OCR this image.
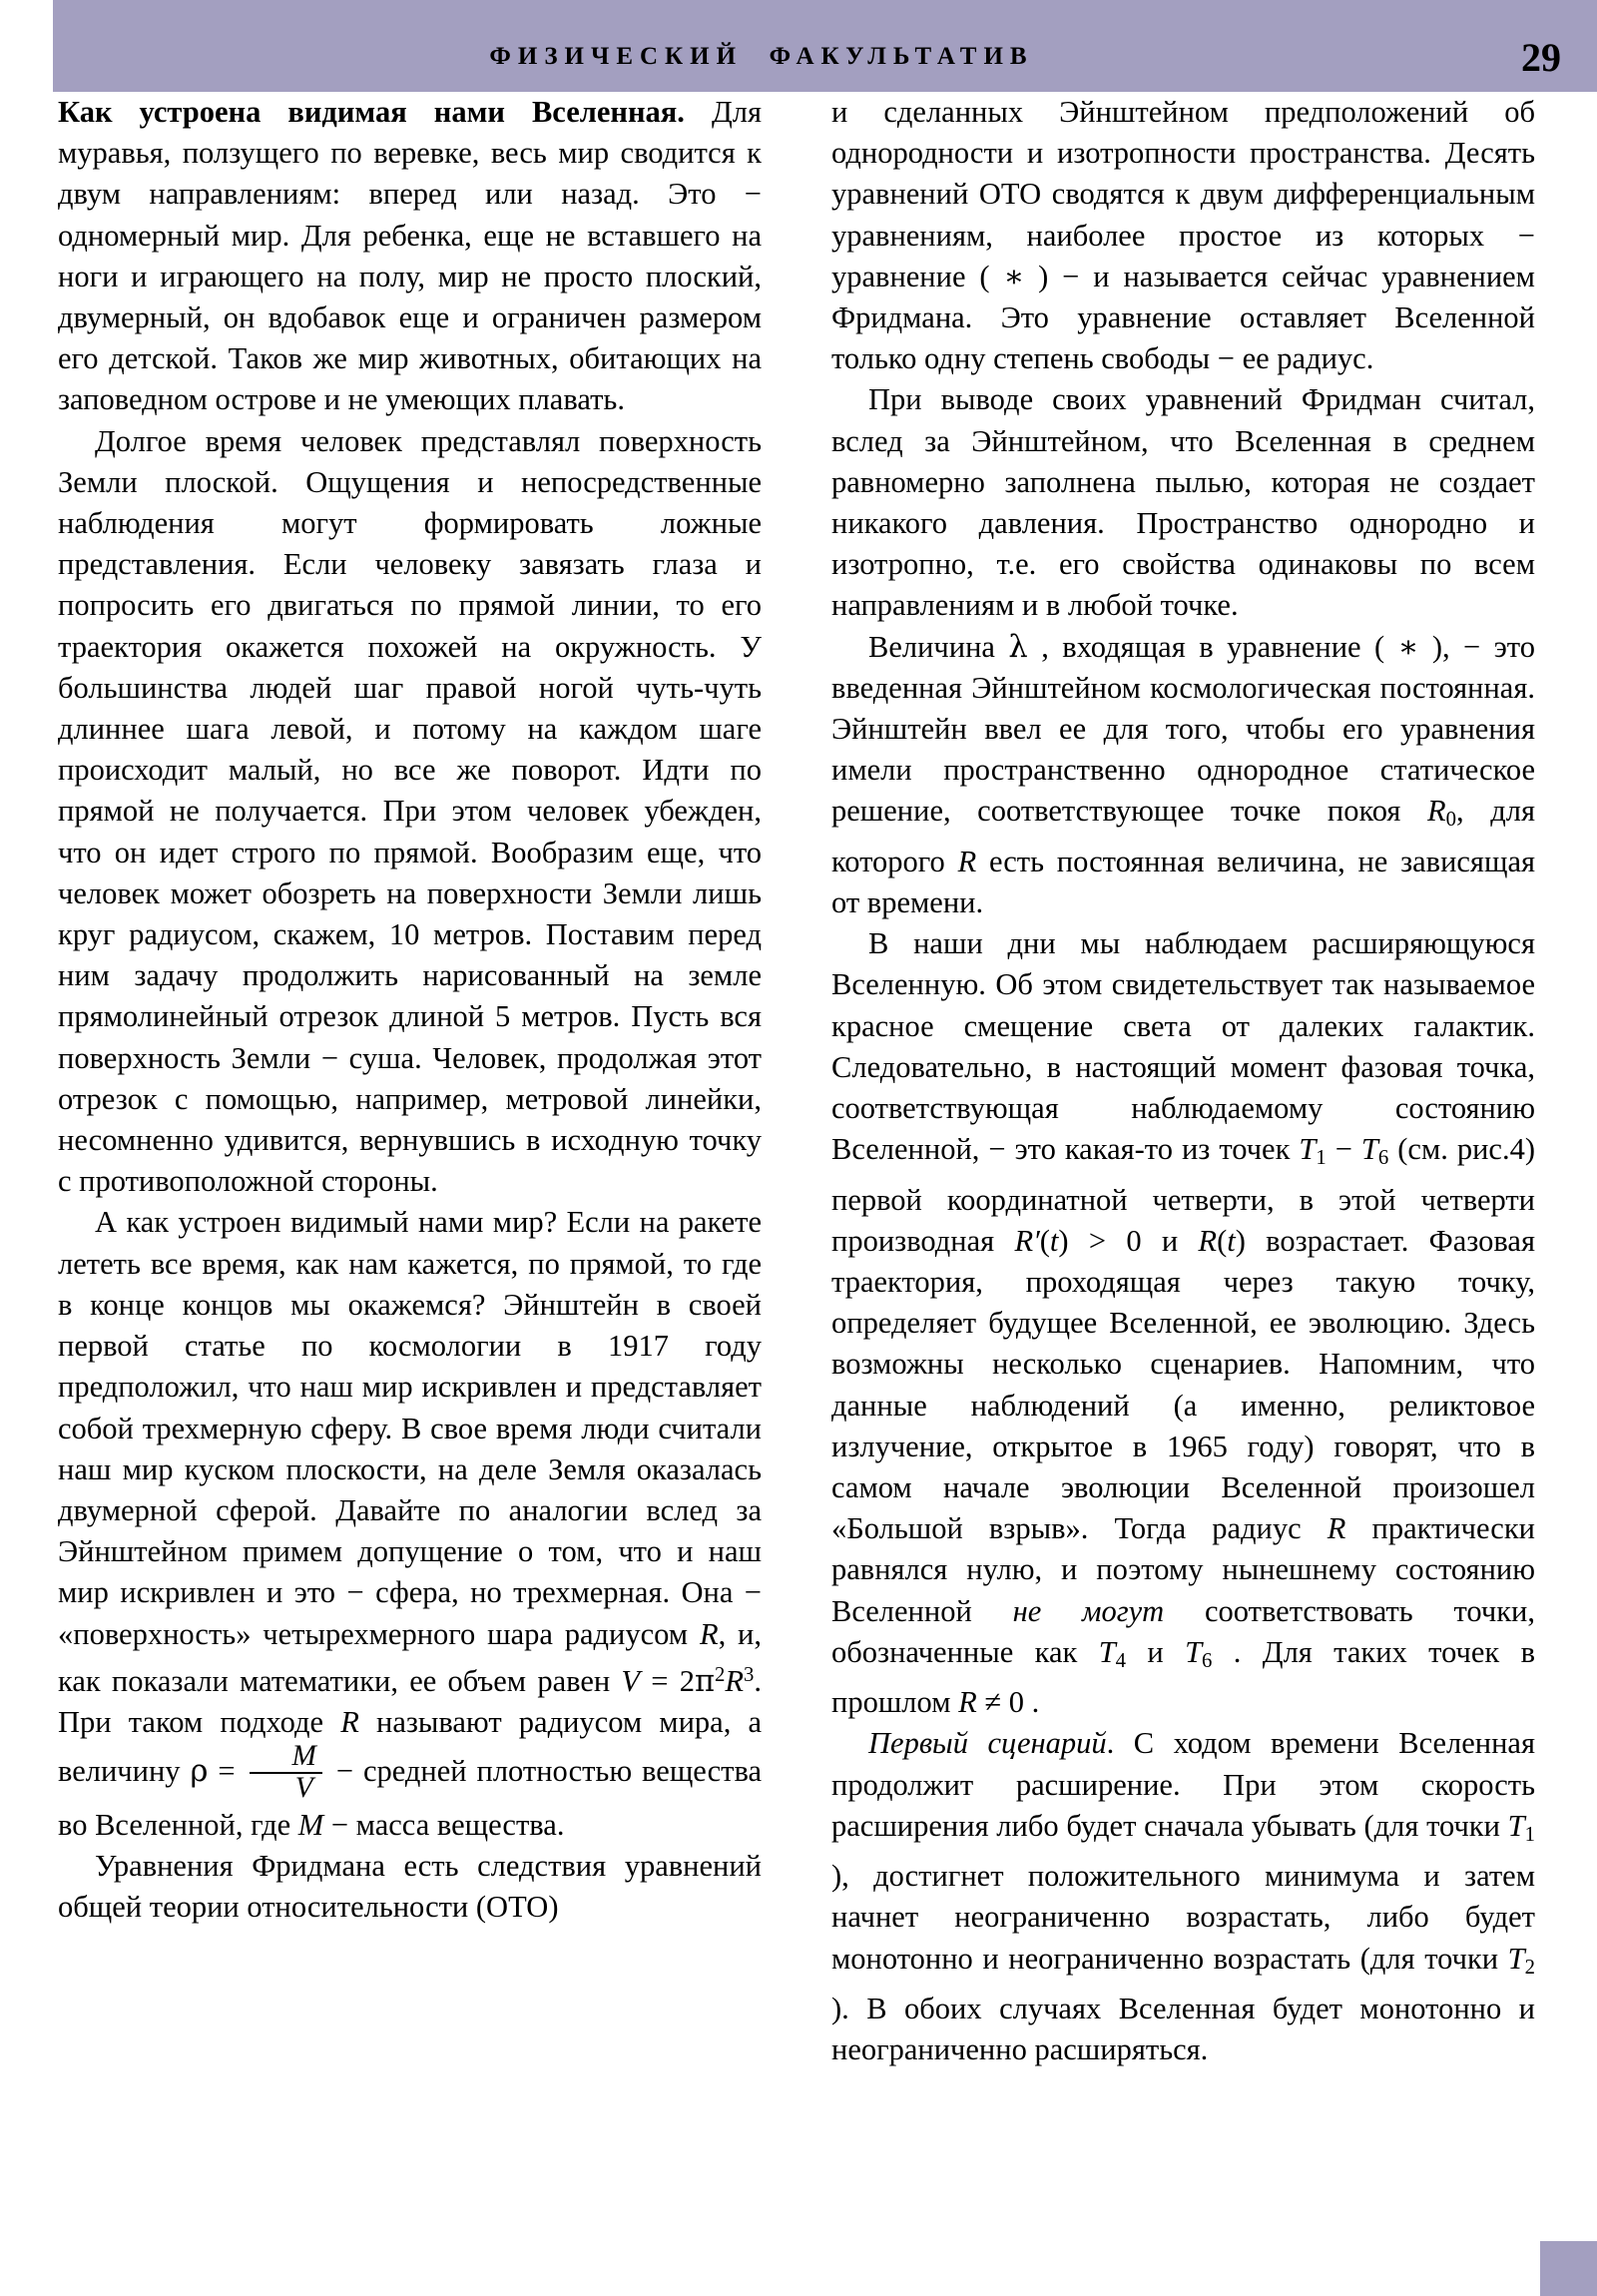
ФИЗИЧЕСКИЙ  ФАКУЛЬТАТИВ	29

Как устроена видимая нами Вселенная. Для муравья, ползущего по веревке, весь мир сводится к двум направлениям: вперед или назад. Это − одномерный мир. Для ребенка, еще не вставшего на ноги и играющего на полу, мир не просто плоский, двумерный, он вдобавок еще и ограничен размером его детской. Таков же мир животных, обитающих на заповедном острове и не умеющих плавать.

Долгое время человек представлял поверхность Земли плоской. Ощущения и непосредственные наблюдения могут формировать ложные представления. Если человеку завязать глаза и попросить его двигаться по прямой линии, то его траектория окажется похожей на окружность. У большинства людей шаг правой ногой чуть-чуть длиннее шага левой, и потому на каждом шаге происходит малый, но все же поворот. Идти по прямой не получается. При этом человек убежден, что он идет строго по прямой. Вообразим еще, что человек может обозреть на поверхности Земли лишь круг радиусом, скажем, 10 метров. Поставим перед ним задачу продолжить нарисованный на земле прямолинейный отрезок длиной 5 метров. Пусть вся поверхность Земли − суша. Человек, продолжая этот отрезок с помощью, например, метровой линейки, несомненно удивится, вернувшись в исходную точку с противоположной стороны.

А как устроен видимый нами мир? Если на ракете лететь все время, как нам кажется, по прямой, то где в конце концов мы окажемся? Эйнштейн в своей первой статье по космологии в 1917 году предположил, что наш мир искривлен и представляет собой трехмерную сферу. В свое время люди считали наш мир куском плоскости, на деле Земля оказалась двумерной сферой. Давайте по аналогии вслед за Эйнштейном примем допущение о том, что и наш мир искривлен и это − сфера, но трехмерная. Она − «поверхность» четырехмерного шара радиусом R, и, как показали математики, ее объем равен $V = 2\pi^2R^3$. При таком подходе R называют радиусом мира, а величину $\rho = \frac{M}{V}$ − средней плотностью вещества во Вселенной, где M − масса вещества.

Уравнения Фридмана есть следствия уравнений общей теории относительности (ОТО)

и сделанных Эйнштейном предположений об однородности и изотропности пространства. Десять уравнений ОТО сводятся к двум дифференциальным уравнениям, наиболее простое из которых − уравнение ( ∗ ) − и называется сейчас уравнением Фридмана. Это уравнение оставляет Вселенной только одну степень свободы − ее радиус.

При выводе своих уравнений Фридман считал, вслед за Эйнштейном, что Вселенная в среднем равномерно заполнена пылью, которая не создает никакого давления. Пространство однородно и изотропно, т.е. его свойства одинаковы по всем направлениям и в любой точке.

Величина λ , входящая в уравнение ( ∗ ), − это введенная Эйнштейном космологическая постоянная. Эйнштейн ввел ее для того, чтобы его уравнения имели пространственно однородное статическое решение, соответствующее точке покоя $R_0$, для которого R есть постоянная величина, не зависящая от времени.

В наши дни мы наблюдаем расширяющуюся Вселенную. Об этом свидетельствует так называемое красное смещение света от далеких галактик. Следовательно, в настоящий момент фазовая точка, соответствующая наблюдаемому состоянию Вселенной, − это какая-то из точек $T_1 - T_6$ (см. рис.4) первой координатной четверти, в этой четверти производная R′(t) > 0 и R(t) возрастает. Фазовая траектория, проходящая через такую точку, определяет будущее Вселенной, ее эволюцию. Здесь возможны несколько сценариев. Напомним, что данные наблюдений (а именно, реликтовое излучение, открытое в 1965 году) говорят, что в самом начале эволюции Вселенной произошел «Большой взрыв». Тогда радиус R практически равнялся нулю, и поэтому нынешнему состоянию Вселенной не могут соответствовать точки, обозначенные как $T_4$ и $T_6$ . Для таких точек в прошлом R ≠ 0 .

Первый сценарий. С ходом времени Вселенная продолжит расширение. При этом скорость расширения либо будет сначала убывать (для точки $T_1$ ), достигнет положительного минимума и затем начнет неограниченно возрастать, либо будет монотонно и неограниченно возрастать (для точки $T_2$ ). В обоих случаях Вселенная будет монотонно и неограниченно расширяться.
